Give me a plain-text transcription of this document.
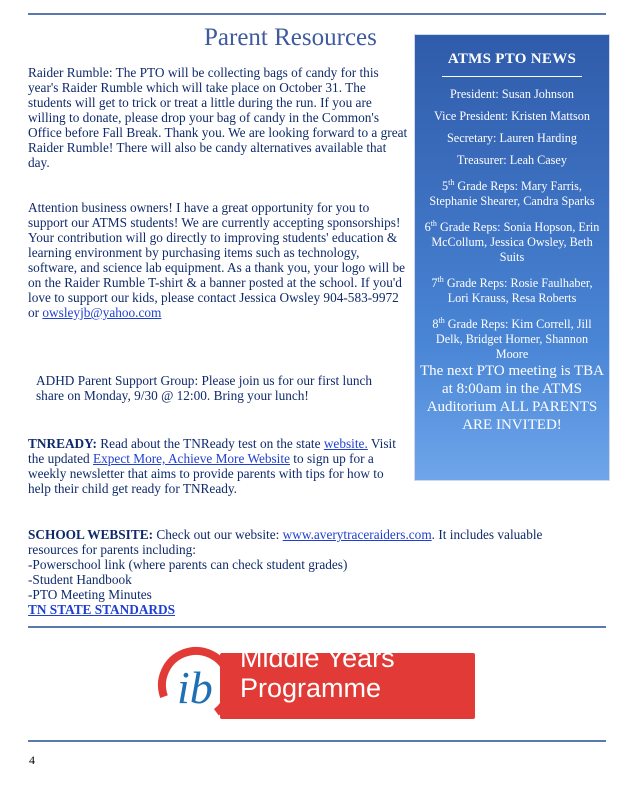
Parent Resources
Raider Rumble: The PTO will be collecting bags of candy for this year's Raider Rumble which will take place on October 31. The students will get to trick or treat a little during the run. If you are willing to donate, please drop your bag of candy in the Common's Office before Fall Break. Thank you. We are looking forward to a great Raider Rumble! There will also be candy alternatives available that day.
Attention business owners! I have a great opportunity for you to support our ATMS students! We are currently accepting sponsorships! Your contribution will go directly to improving students' education & learning environment by purchasing items such as technology, software, and science lab equipment. As a thank you, your logo will be on the Raider Rumble T-shirt & a banner posted at the school. If you'd love to support our kids, please contact Jessica Owsley 904-583-9972 or owsleyjb@yahoo.com
ADHD Parent Support Group: Please join us for our first lunch share on Monday, 9/30 @ 12:00. Bring your lunch!
TNREADY: Read about the TNReady test on the state website. Visit the updated Expect More, Achieve More Website to sign up for a weekly newsletter that aims to provide parents with tips for how to help their child get ready for TNReady.
SCHOOL WEBSITE: Check out our website: www.averytraceraiders.com. It includes valuable resources for parents including:
-Powerschool link (where parents can check student grades)
-Student Handbook
-PTO Meeting Minutes
TN STATE STANDARDS
ATMS PTO NEWS
President: Susan Johnson
Vice President: Kristen Mattson
Secretary: Lauren Harding
Treasurer: Leah Casey
5th Grade Reps: Mary Farris, Stephanie Shearer, Candra Sparks
6th Grade Reps: Sonia Hopson, Erin McCollum, Jessica Owsley, Beth Suits
7th Grade Reps: Rosie Faulhaber, Lori Krauss, Resa Roberts
8th Grade Reps: Kim Correll, Jill Delk, Bridget Horner, Shannon Moore
The next PTO meeting is TBA at 8:00am in the ATMS Auditorium ALL PARENTS ARE INVITED!
ib
Middle Years
Programme
4
